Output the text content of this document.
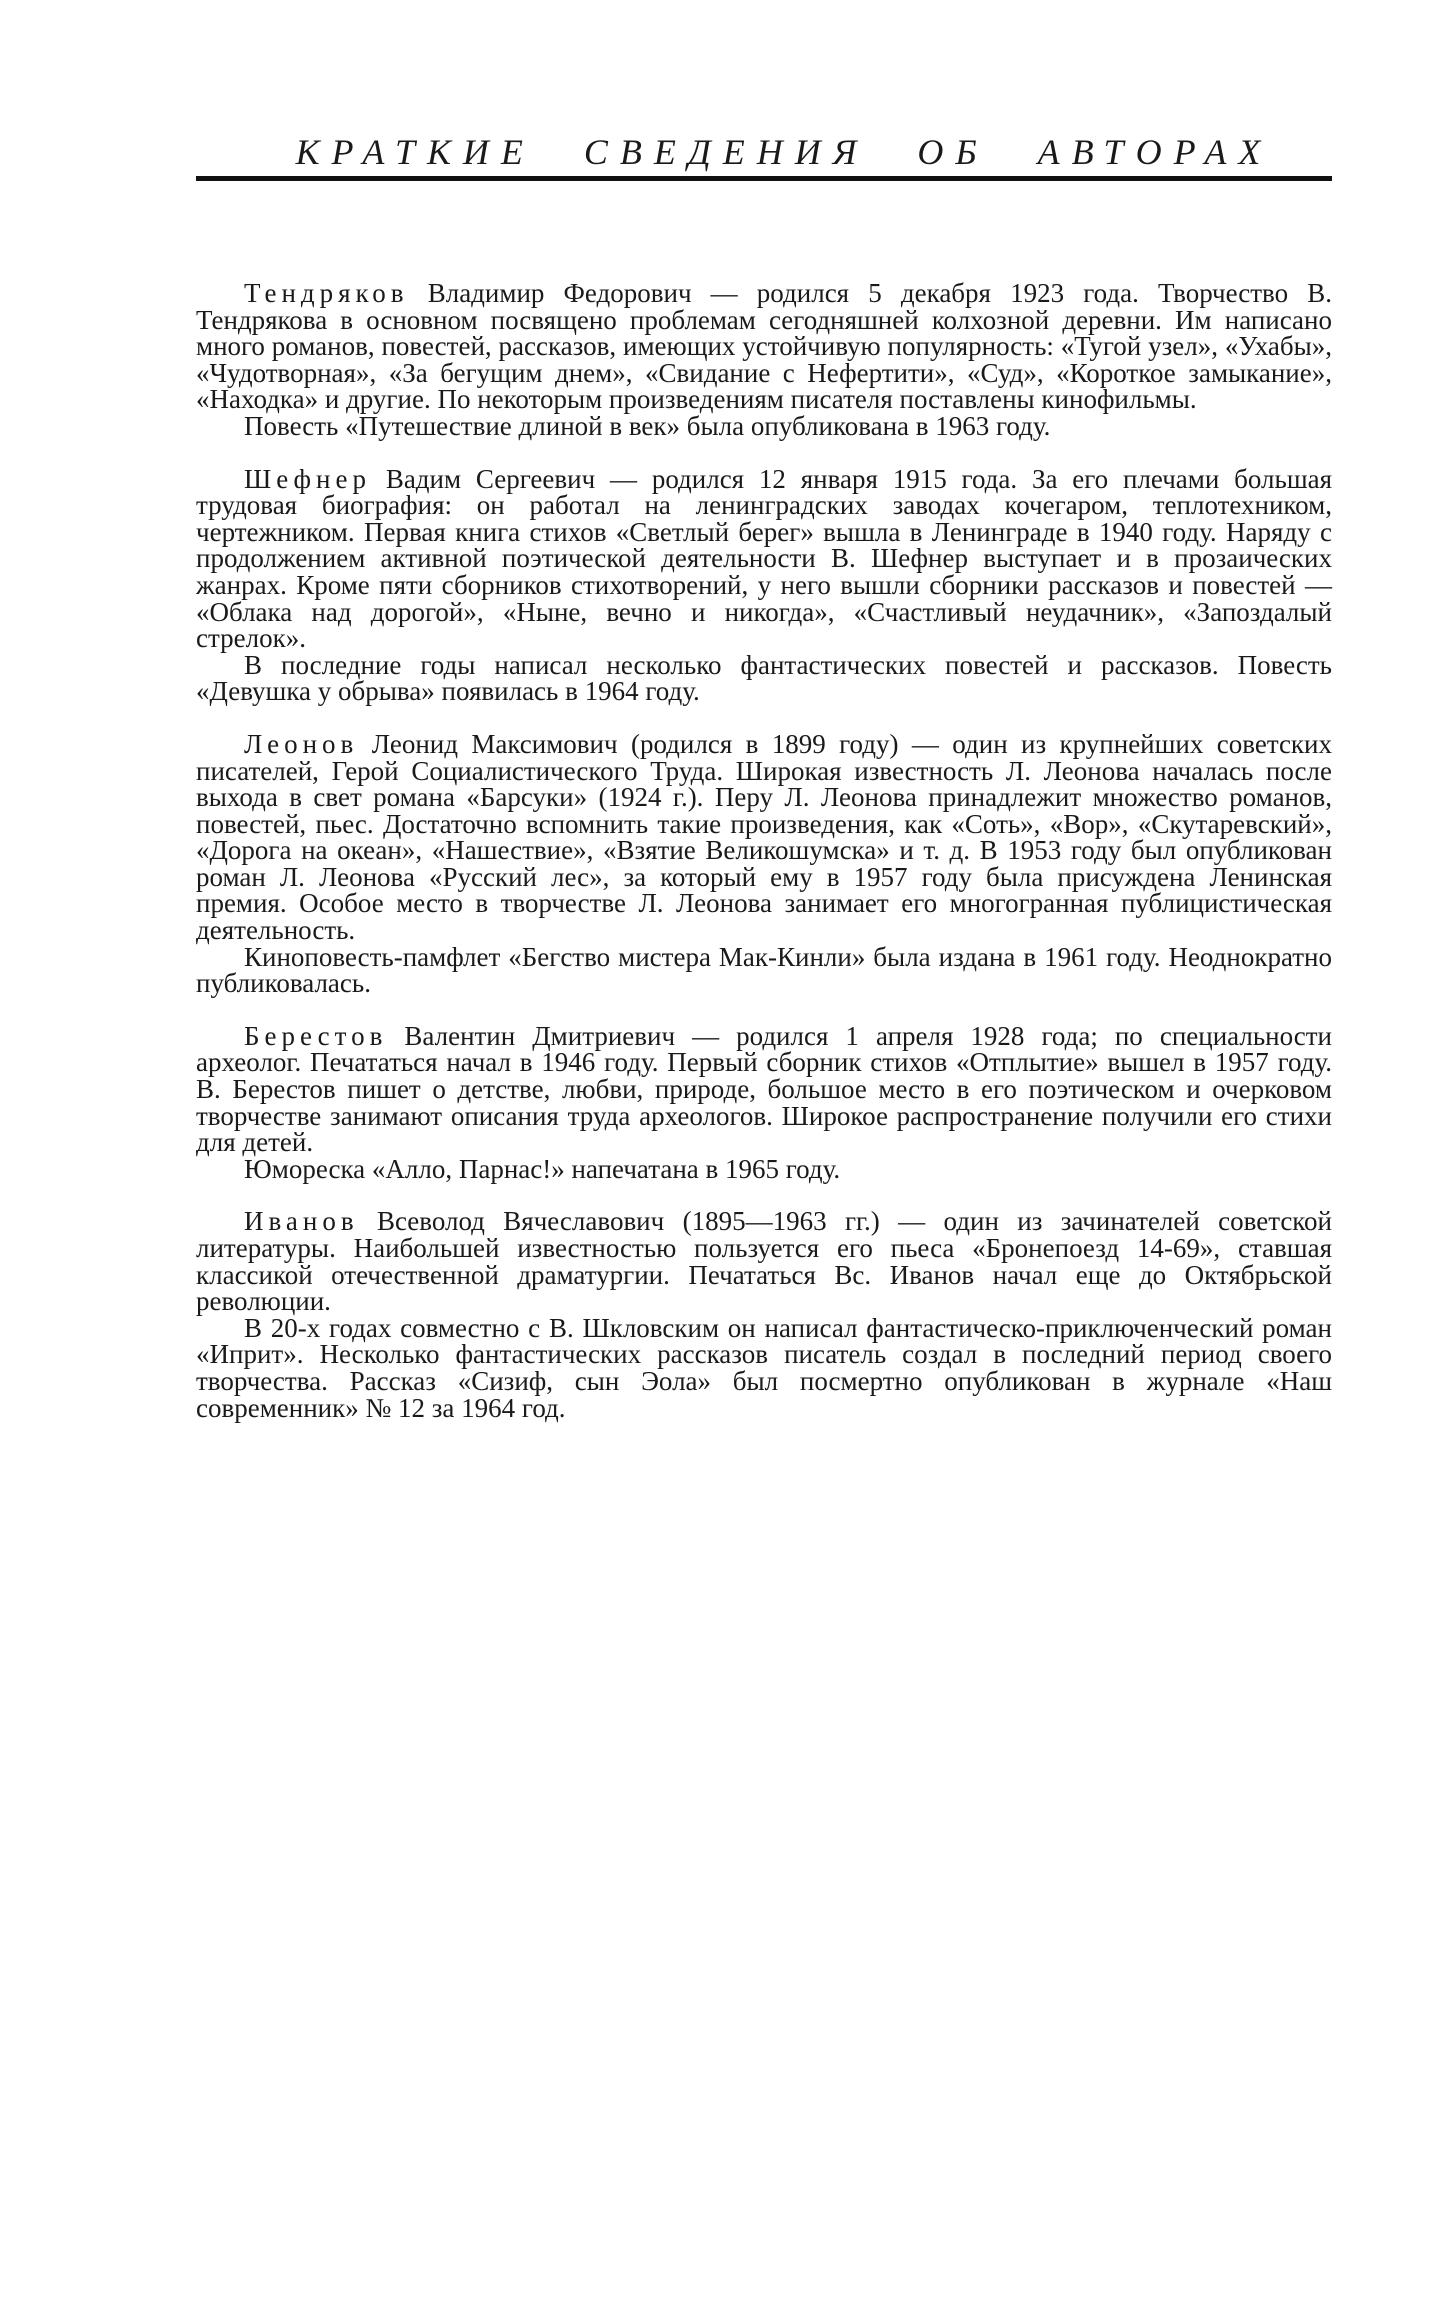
КРАТКИЕ СВЕДЕНИЯ ОБ АВТОРАХ

Тендряков Владимир Федорович — родился 5 декабря 1923 года. Творчество В. Тендрякова в основном посвящено проблемам сегодняшней колхозной деревни. Им написано много романов, повестей, рассказов, имеющих устойчивую популярность: «Тугой узел», «Ухабы», «Чудотворная», «За бегущим днем», «Свидание с Нефертити», «Суд», «Короткое замыкание», «Находка» и другие. По некоторым произведениям писателя поставлены кинофильмы.

Повесть «Путешествие длиной в век» была опубликована в 1963 году.

Шефнер Вадим Сергеевич — родился 12 января 1915 года. За его плечами большая трудовая биография: он работал на ленинградских заводах кочегаром, теплотехником, чертежником. Первая книга стихов «Светлый берег» вышла в Ленинграде в 1940 году. Наряду с продолжением активной поэтической деятельности В. Шефнер выступает и в прозаических жанрах. Кроме пяти сборников стихотворений, у него вышли сборники рассказов и повестей — «Облака над дорогой», «Ныне, вечно и никогда», «Счастливый неудачник», «Запоздалый стрелок».

В последние годы написал несколько фантастических повестей и рассказов. Повесть «Девушка у обрыва» появилась в 1964 году.

Леонов Леонид Максимович (родился в 1899 году) — один из крупнейших советских писателей, Герой Социалистического Труда. Широкая известность Л. Леонова началась после выхода в свет романа «Барсуки» (1924 г.). Перу Л. Леонова принадлежит множество романов, повестей, пьес. Достаточно вспомнить такие произведения, как «Соть», «Вор», «Скутаревский», «Дорога на океан», «Нашествие», «Взятие Великошумска» и т. д. В 1953 году был опубликован роман Л. Леонова «Русский лес», за который ему в 1957 году была присуждена Ленинская премия. Особое место в творчестве Л. Леонова занимает его многогранная публицистическая деятельность.

Киноповесть-памфлет «Бегство мистера Мак-Кинли» была издана в 1961 году. Неоднократно публиковалась.

Берестов Валентин Дмитриевич — родился 1 апреля 1928 года; по специальности археолог. Печататься начал в 1946 году. Первый сборник стихов «Отплытие» вышел в 1957 году. В. Берестов пишет о детстве, любви, природе, большое место в его поэтическом и очерковом творчестве занимают описания труда археологов. Широкое распространение получили его стихи для детей.

Юмореска «Алло, Парнас!» напечатана в 1965 году.

Иванов Всеволод Вячеславович (1895—1963 гг.) — один из зачинателей советской литературы. Наибольшей известностью пользуется его пьеса «Бронепоезд 14-69», ставшая классикой отечественной драматургии. Печататься Вс. Иванов начал еще до Октябрьской революции.

В 20-х годах совместно с В. Шкловским он написал фантастическо-приключенческий роман «Иприт». Несколько фантастических рассказов писатель создал в последний период своего творчества. Рассказ «Сизиф, сын Эола» был посмертно опубликован в журнале «Наш современник» № 12 за 1964 год.
